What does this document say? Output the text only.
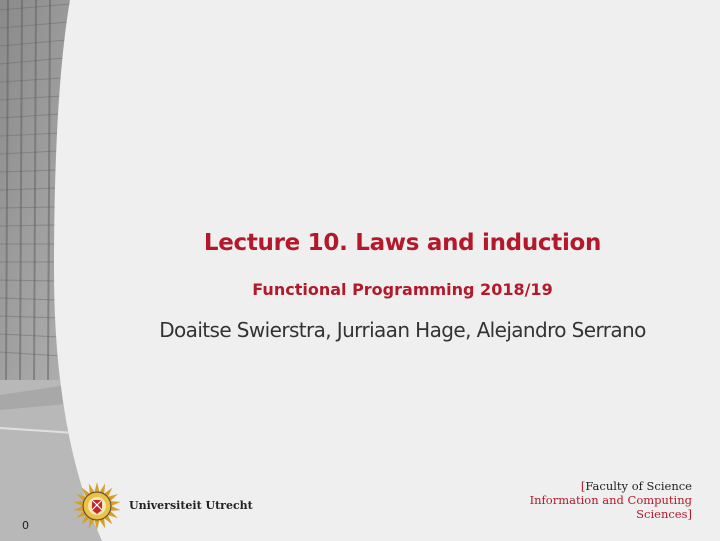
Lecture 10. Laws and induction
Functional Programming 2018/19
Doaitse Swierstra, Jurriaan Hage, Alejandro Serrano
[Faculty of Science
Information and Computing
Sciences]
Universiteit Utrecht
0
